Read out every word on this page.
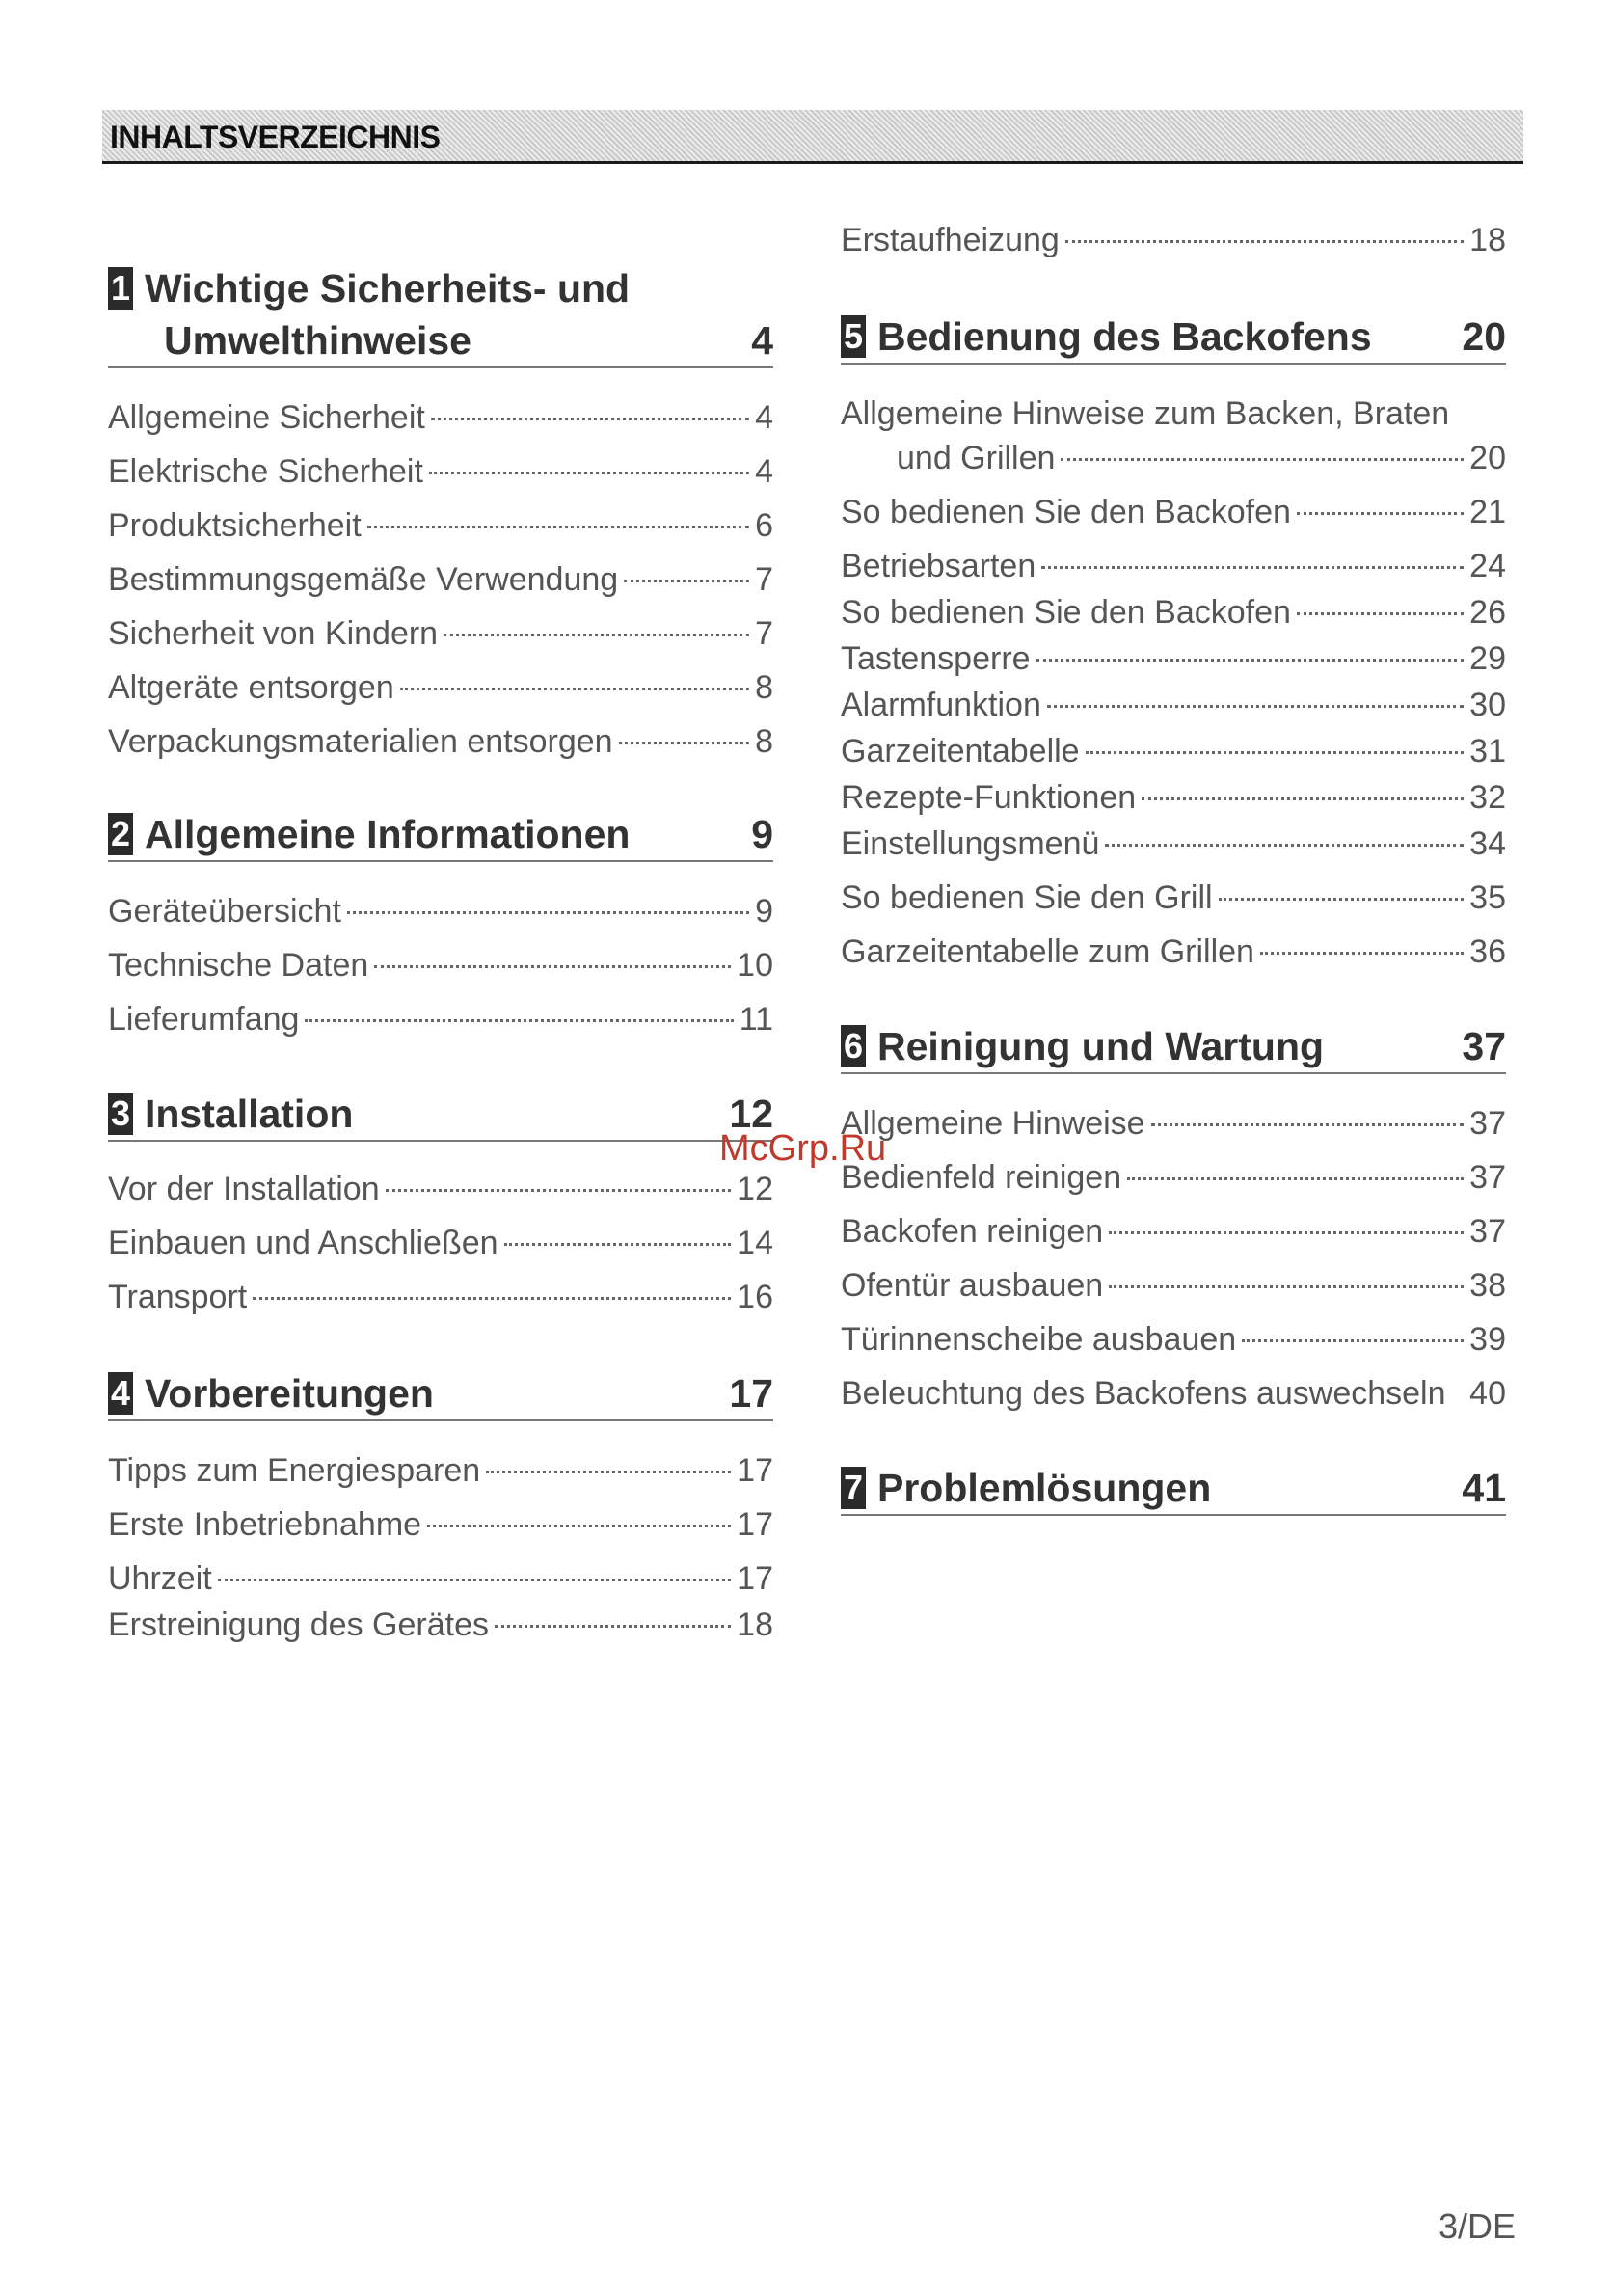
INHALTSVERZEICHNIS
1 Wichtige Sicherheits- und
Umwelthinweise	4
Allgemeine Sicherheit	4
Elektrische Sicherheit	4
Produktsicherheit	6
Bestimmungsgemäße Verwendung	7
Sicherheit von Kindern	7
Altgeräte entsorgen	8
Verpackungsmaterialien entsorgen	8
2 Allgemeine Informationen	9
Geräteübersicht	9
Technische Daten	10
Lieferumfang	11
3 Installation	12
Vor der Installation	12
Einbauen und Anschließen	14
Transport	16
4 Vorbereitungen	17
Tipps zum Energiesparen	17
Erste Inbetriebnahme	17
Uhrzeit	17
Erstreinigung des Gerätes	18
Erstaufheizung	18
5 Bedienung des Backofens 20
Allgemeine Hinweise zum Backen, Braten
und Grillen	20
So bedienen Sie den Backofen	21
Betriebsarten	24
So bedienen Sie den Backofen	26
Tastensperre	29
Alarmfunktion	30
Garzeitentabelle	31
Rezepte-Funktionen	32
Einstellungsmenü	34
So bedienen Sie den Grill	35
Garzeitentabelle zum Grillen	36
6 Reinigung und Wartung	37
Allgemeine Hinweise	37
Bedienfeld reinigen	37
Backofen reinigen	37
Ofentür ausbauen	38
Türinnenscheibe ausbauen	39
Beleuchtung des Backofens auswechseln 40
7 Problemlösungen	41
McGrp.Ru
3/DE
